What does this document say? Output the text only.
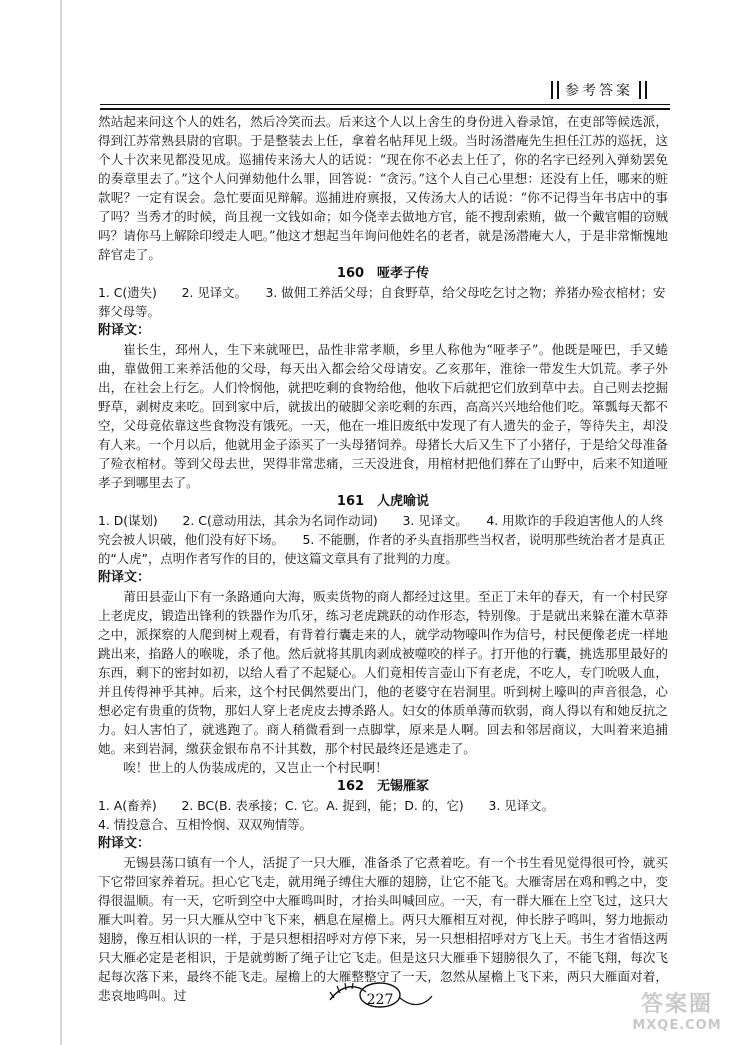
参考答案

然站起来问这个人的姓名，然后冷笑而去。后来这个人以上舍生的身份进入眷录馆，在吏部等候选派，得到江苏常熟县尉的官职。于是整装去上任，拿着名帖拜见上级。当时汤潜庵先生担任江苏的巡抚，这个人十次来见都没见成。巡捕传来汤大人的话说：“现在你不必去上任了，你的名字已经列入弹劾罢免的奏章里去了。”这个人问弹劾他什么罪，回答说：“贪污。”这个人自己心里想：还没有上任，哪来的赃款呢？一定有误会。急忙要面见辩解。巡捕进府禀报，又传汤大人的话说：“你不记得当年书店中的事了吗？当秀才的时候，尚且视一文钱如命；如今侥幸去做地方官，能不搜刮索贿，做一个戴官帽的窃贼吗？请你马上解除印绶走人吧。”他这才想起当年询问他姓名的老者，就是汤潜庵大人，于是非常惭愧地辞官走了。

160　哑孝子传

1. C(遗失)　　2. 见译文。　　3. 做佣工养活父母；自食野草，给父母吃乞讨之物；养猪办殓衣棺材；安葬父母等。

附译文：

崔长生，邳州人，生下来就哑巴，品性非常孝顺，乡里人称他为“哑孝子”。他既是哑巴，手又蜷曲，靠做佣工来养活他的父母，每天出入都会给父母请安。乙亥那年，淮徐一带发生大饥荒。孝子外出，在社会上行乞。人们怜悯他，就把吃剩的食物给他，他收下后就把它们放到草中去。自己则去挖掘野草，剥树皮来吃。回到家中后，就拔出的破脚父亲吃剩的东西，高高兴兴地给他们吃。箪瓢每天都不空，父母竟依靠这些食物没有饿死。一天，他在一堆旧废纸中发现了有人遗失的金子，等待失主，却没有人来。一个月以后，他就用金子添买了一头母猪饲养。母猪长大后又生下了小猪仔，于是给父母准备了殓衣棺材。等到父母去世，哭得非常悲痛，三天没进食，用棺材把他们葬在了山野中，后来不知道哑孝子到哪里去了。

161　人虎喻说

1. D(谋划)　　2. C(意动用法，其余为名词作动词)　　3. 见译文。　　4. 用欺诈的手段迫害他人的人终究会被人识破，他们没有好下场。　　5. 不能删，作者的矛头直指那些当权者，说明那些统治者才是真正的“人虎”，点明作者写作的目的，使这篇文章具有了批判的力度。

附译文：

莆田县壶山下有一条路通向大海，贩卖货物的商人都经过这里。至正丁未年的春天，有一个村民穿上老虎皮，锻造出锋利的铁器作为爪牙，练习老虎跳跃的动作形态，特别像。于是就出来躲在灌木草莽之中，派探察的人爬到树上观看，有背着行囊走来的人，就学动物嚎叫作为信号，村民便像老虎一样地跳出来，掐路人的喉咙，杀了他。然后就将其肌肉剥成被噬咬的样子。打开他的行囊，挑选那里最好的东西，剩下的密封如初，以给人看了不起疑心。人们竟相传言壶山下有老虎，不吃人，专门吮吸人血，并且传得神乎其神。后来，这个村民偶然要出门，他的老婆守在岩洞里。听到树上嚎叫的声音很急，心想必定有贵重的货物，那妇人穿上老虎皮去搏杀路人。妇女的体质单薄而软弱，商人得以有和她反抗之力。妇人害怕了，就逃跑了。商人稍微看到一点脚掌，原来是人啊。回去和邻居商议，大叫着来追捕她。来到岩洞，缴获金银布帛不计其数，那个村民最终还是逃走了。

唉！世上的人伪装成虎的，又岂止一个村民啊！

162　无锡雁冢

1. A(畜养)　　2. BC(B. 表承接；C. 它。A. 捉到，能；D. 的，它)　　3. 见译文。
4. 情投意合、互相怜悯、双双殉情等。

附译文：

无锡县荡口镇有一个人，活捉了一只大雁，准备杀了它煮着吃。有一个书生看见觉得很可怜，就买下它带回家养着玩。担心它飞走，就用绳子缚住大雁的翅膀，让它不能飞。大雁寄居在鸡和鸭之中，变得很温顺。有一天，它听到空中大雁鸣叫时，才抬头叫喊回应。一天，有一群大雁在上空飞过，这只大雁大叫着。另一只大雁从空中飞下来，栖息在屋檐上。两只大雁相互对视，伸长脖子鸣叫，努力地振动翅膀，像互相认识的一样，于是只想相招呼对方停下来，另一只想相招呼对方飞上天。书生才省悟这两只大雁必定是老相识，于是就剪断了绳子让它飞走。但是这只大雁垂下翅膀很久了，不能飞翔，每次飞起每次落下来，最终不能飞走。屋檐上的大雁整整守了一天，忽然从屋檐上飞下来，两只大雁面对着，悲哀地鸣叫。过	227	答案圈
MXQE.COM
